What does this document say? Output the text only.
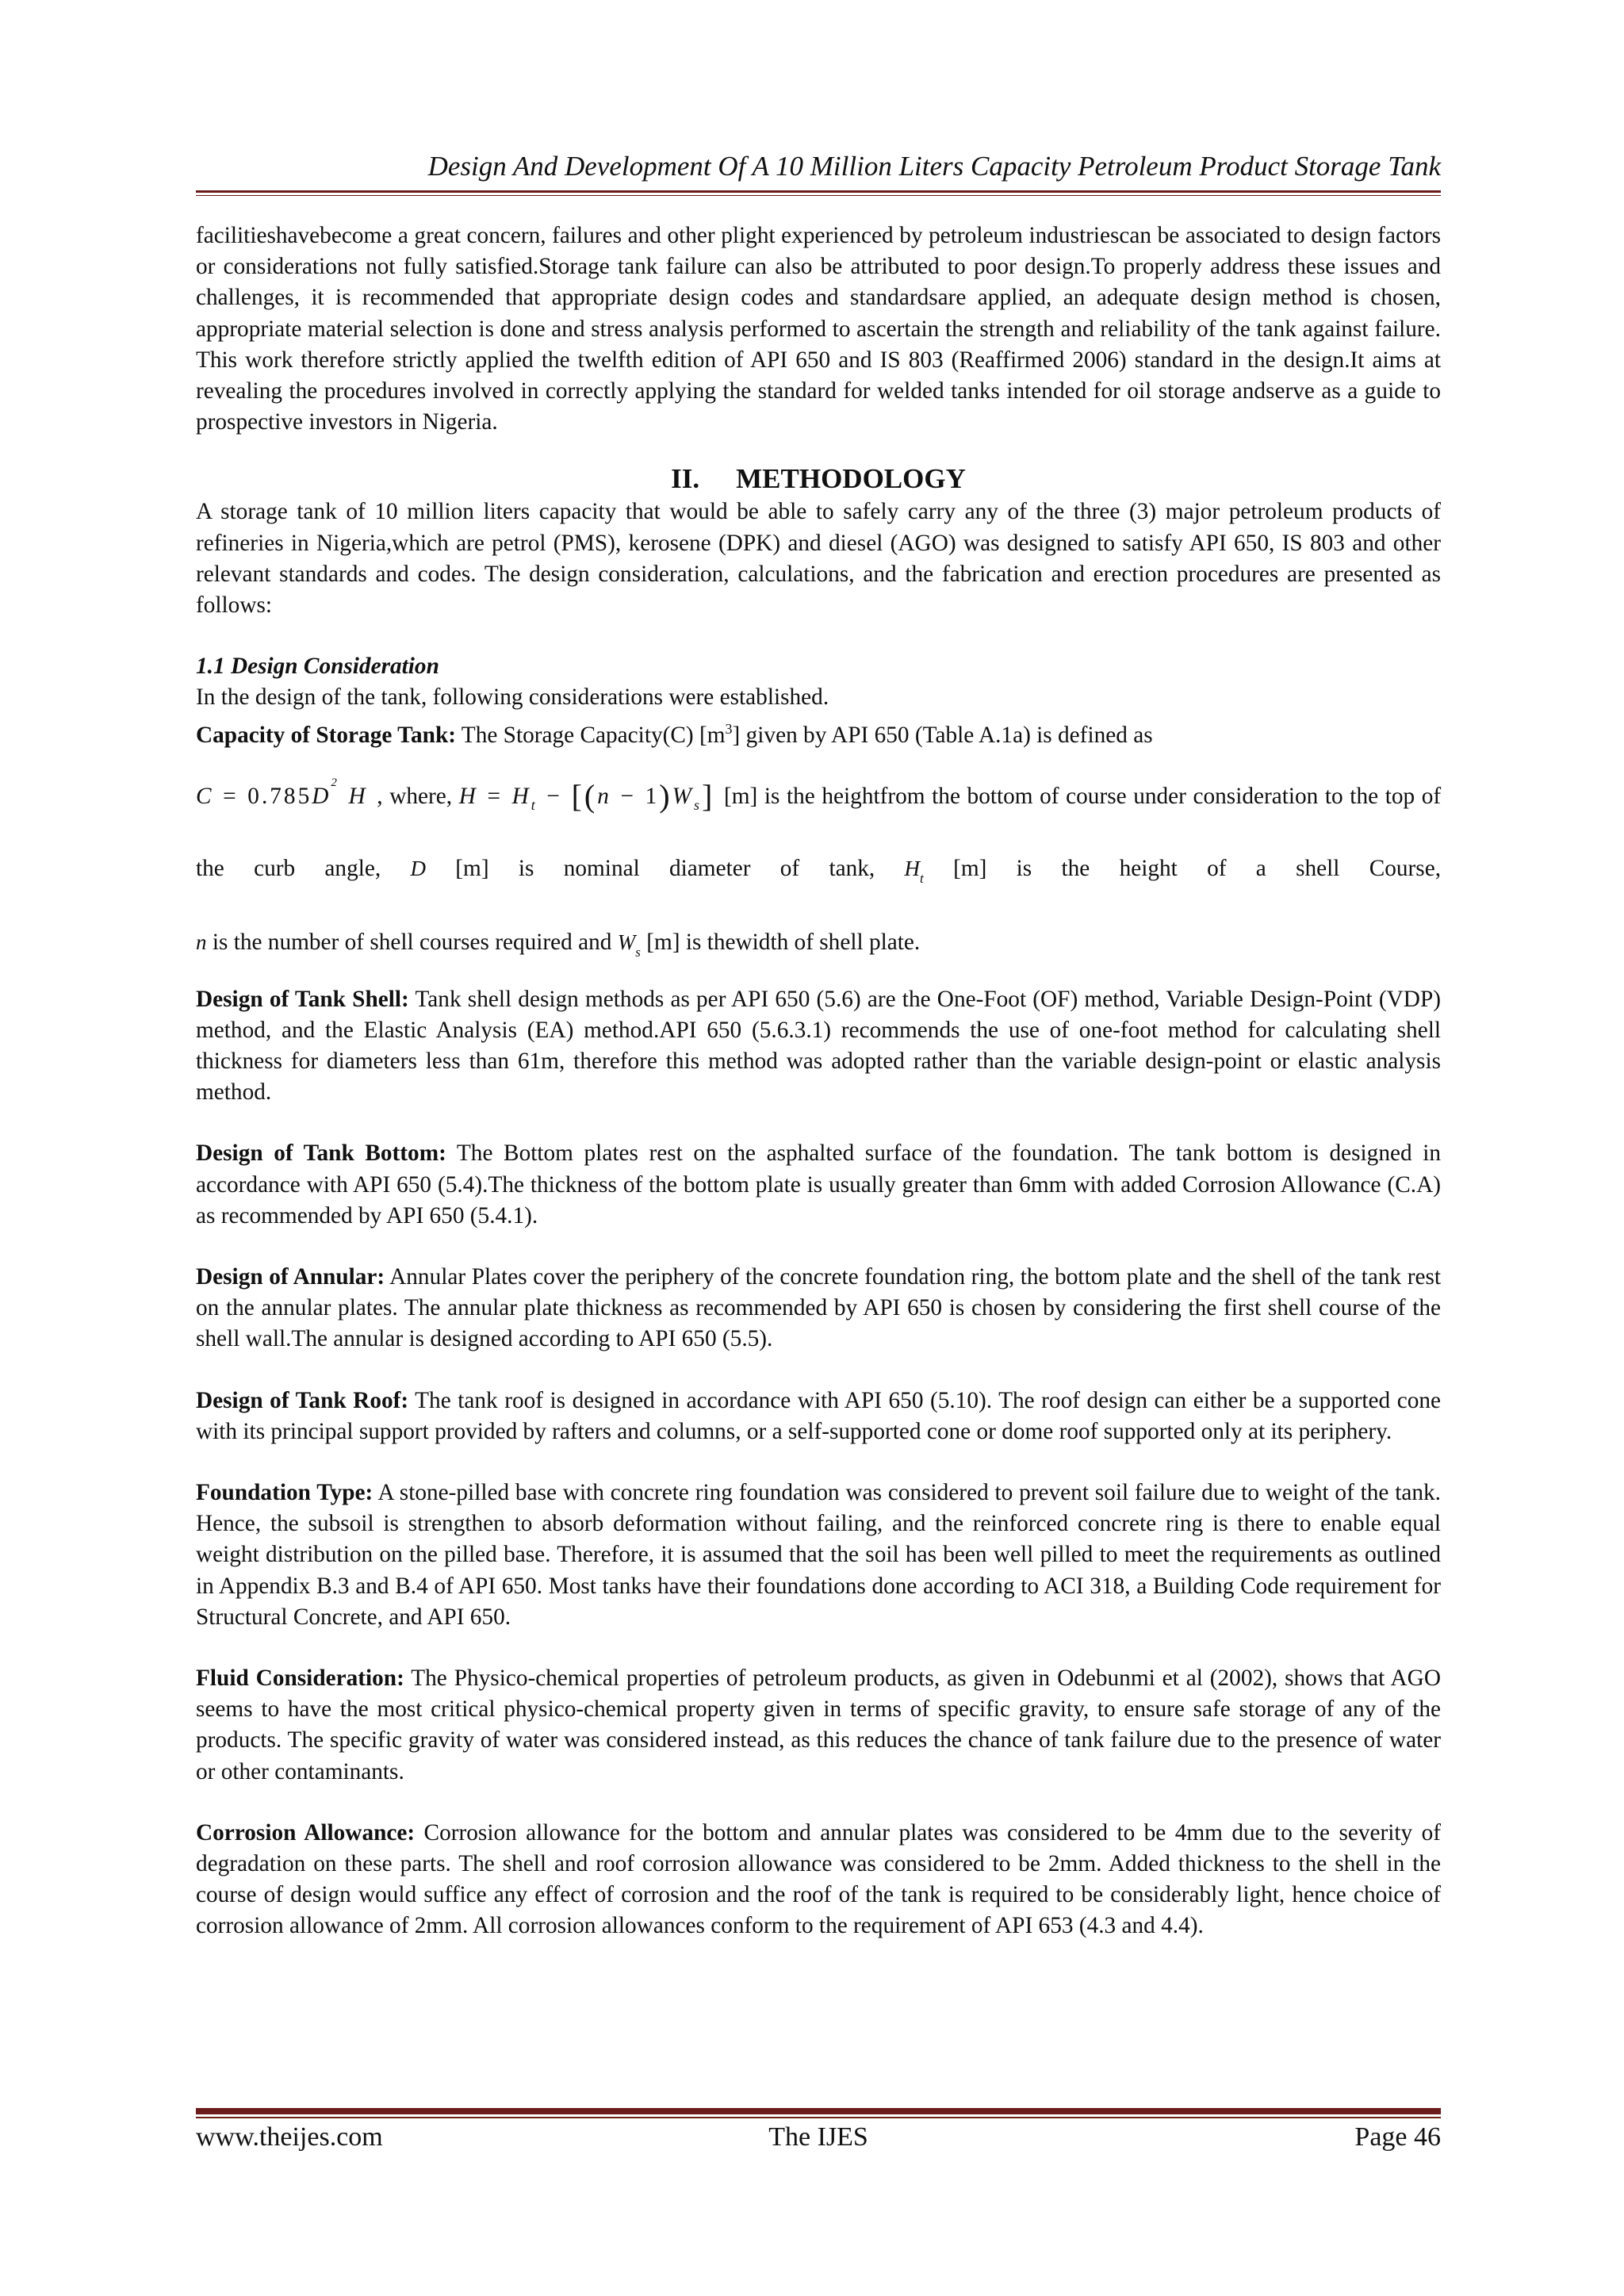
Design And Development Of A 10 Million Liters Capacity Petroleum Product Storage Tank

facilitieshavebecome a great concern, failures and other plight experienced by petroleum industriescan be associated to design factors or considerations not fully satisfied.Storage tank failure can also be attributed to poor design.To properly address these issues and challenges, it is recommended that appropriate design codes and standardsare applied, an adequate design method is chosen, appropriate material selection is done and stress analysis performed to ascertain the strength and reliability of the tank against failure. This work therefore strictly applied the twelfth edition of API 650 and IS 803 (Reaffirmed 2006) standard in the design.It aims at revealing the procedures involved in correctly applying the standard for welded tanks intended for oil storage andserve as a guide to prospective investors in Nigeria.

II. METHODOLOGY

A storage tank of 10 million liters capacity that would be able to safely carry any of the three (3) major petroleum products of refineries in Nigeria,which are petrol (PMS), kerosene (DPK) and diesel (AGO) was designed to satisfy API 650, IS 803 and other relevant standards and codes. The design consideration, calculations, and the fabrication and erection procedures are presented as follows:

1.1 Design Consideration

In the design of the tank, following considerations were established.

Capacity of Storage Tank: The Storage Capacity(C) $[m^3]$ given by API 650 (Table A.1a) is defined as

$C = 0.785D^2$ H , where, $H = H_t - [(n - 1)W_s]$ [m] is the heightfrom the bottom of course under consideration to the top of the curb angle, D [m] is nominal diameter of tank, $H_t$ [m] is the height of a shell Course,

n is the number of shell courses required and $W_s$ [m] is thewidth of shell plate.

Design of Tank Shell: Tank shell design methods as per API 650 (5.6) are the One-Foot (OF) method, Variable Design-Point (VDP) method, and the Elastic Analysis (EA) method.API 650 (5.6.3.1) recommends the use of one-foot method for calculating shell thickness for diameters less than 61m, therefore this method was adopted rather than the variable design-point or elastic analysis method.

Design of Tank Bottom: The Bottom plates rest on the asphalted surface of the foundation. The tank bottom is designed in accordance with API 650 (5.4).The thickness of the bottom plate is usually greater than 6mm with added Corrosion Allowance (C.A) as recommended by API 650 (5.4.1).

Design of Annular: Annular Plates cover the periphery of the concrete foundation ring, the bottom plate and the shell of the tank rest on the annular plates. The annular plate thickness as recommended by API 650 is chosen by considering the first shell course of the shell wall.The annular is designed according to API 650 (5.5).

Design of Tank Roof: The tank roof is designed in accordance with API 650 (5.10). The roof design can either be a supported cone with its principal support provided by rafters and columns, or a self-supported cone or dome roof supported only at its periphery.

Foundation Type: A stone-pilled base with concrete ring foundation was considered to prevent soil failure due to weight of the tank. Hence, the subsoil is strengthen to absorb deformation without failing, and the reinforced concrete ring is there to enable equal weight distribution on the pilled base. Therefore, it is assumed that the soil has been well pilled to meet the requirements as outlined in Appendix B.3 and B.4 of API 650. Most tanks have their foundations done according to ACI 318, a Building Code requirement for Structural Concrete, and API 650.

Fluid Consideration: The Physico-chemical properties of petroleum products, as given in Odebunmi et al (2002), shows that AGO seems to have the most critical physico-chemical property given in terms of specific gravity, to ensure safe storage of any of the products. The specific gravity of water was considered instead, as this reduces the chance of tank failure due to the presence of water or other contaminants.

Corrosion Allowance: Corrosion allowance for the bottom and annular plates was considered to be 4mm due to the severity of degradation on these parts. The shell and roof corrosion allowance was considered to be 2mm. Added thickness to the shell in the course of design would suffice any effect of corrosion and the roof of the tank is required to be considerably light, hence choice of corrosion allowance of 2mm. All corrosion allowances conform to the requirement of API 653 (4.3 and 4.4).

www.theijes.com	The IJES	Page 46
